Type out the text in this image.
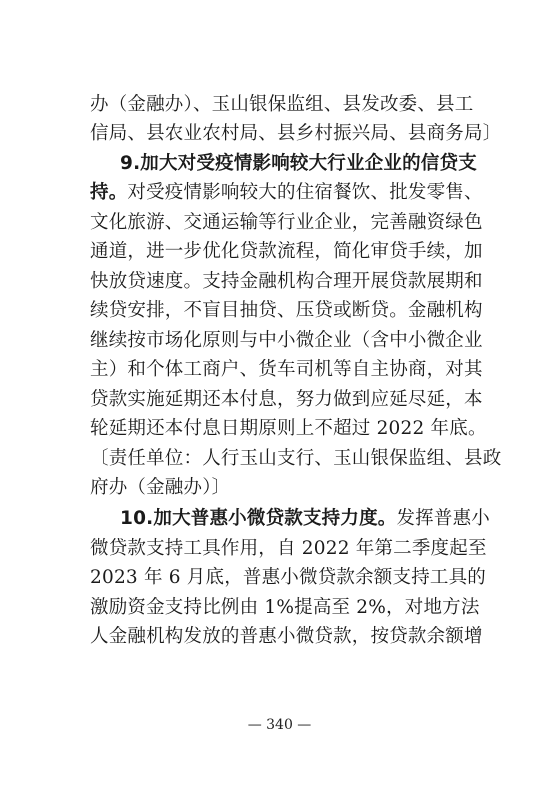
办（金融办）、玉山银保监组、县发改委、县工
信局、县农业农村局、县乡村振兴局、县商务局〕
9.加大对受疫情影响较大行业企业的信贷支
持。对受疫情影响较大的住宿餐饮、批发零售、
文化旅游、交通运输等行业企业，完善融资绿色
通道，进一步优化贷款流程，简化审贷手续，加
快放贷速度。支持金融机构合理开展贷款展期和
续贷安排，不盲目抽贷、压贷或断贷。金融机构
继续按市场化原则与中小微企业（含中小微企业
主）和个体工商户、货车司机等自主协商，对其
贷款实施延期还本付息，努力做到应延尽延，本
轮延期还本付息日期原则上不超过 2022 年底。
〔责任单位：人行玉山支行、玉山银保监组、县政
府办（金融办）〕
10.加大普惠小微贷款支持力度。发挥普惠小
微贷款支持工具作用，自 2022 年第二季度起至
2023 年 6 月底，普惠小微贷款余额支持工具的
激励资金支持比例由 1%提高至 2%，对地方法
人金融机构发放的普惠小微贷款，按贷款余额增
— 340 —
